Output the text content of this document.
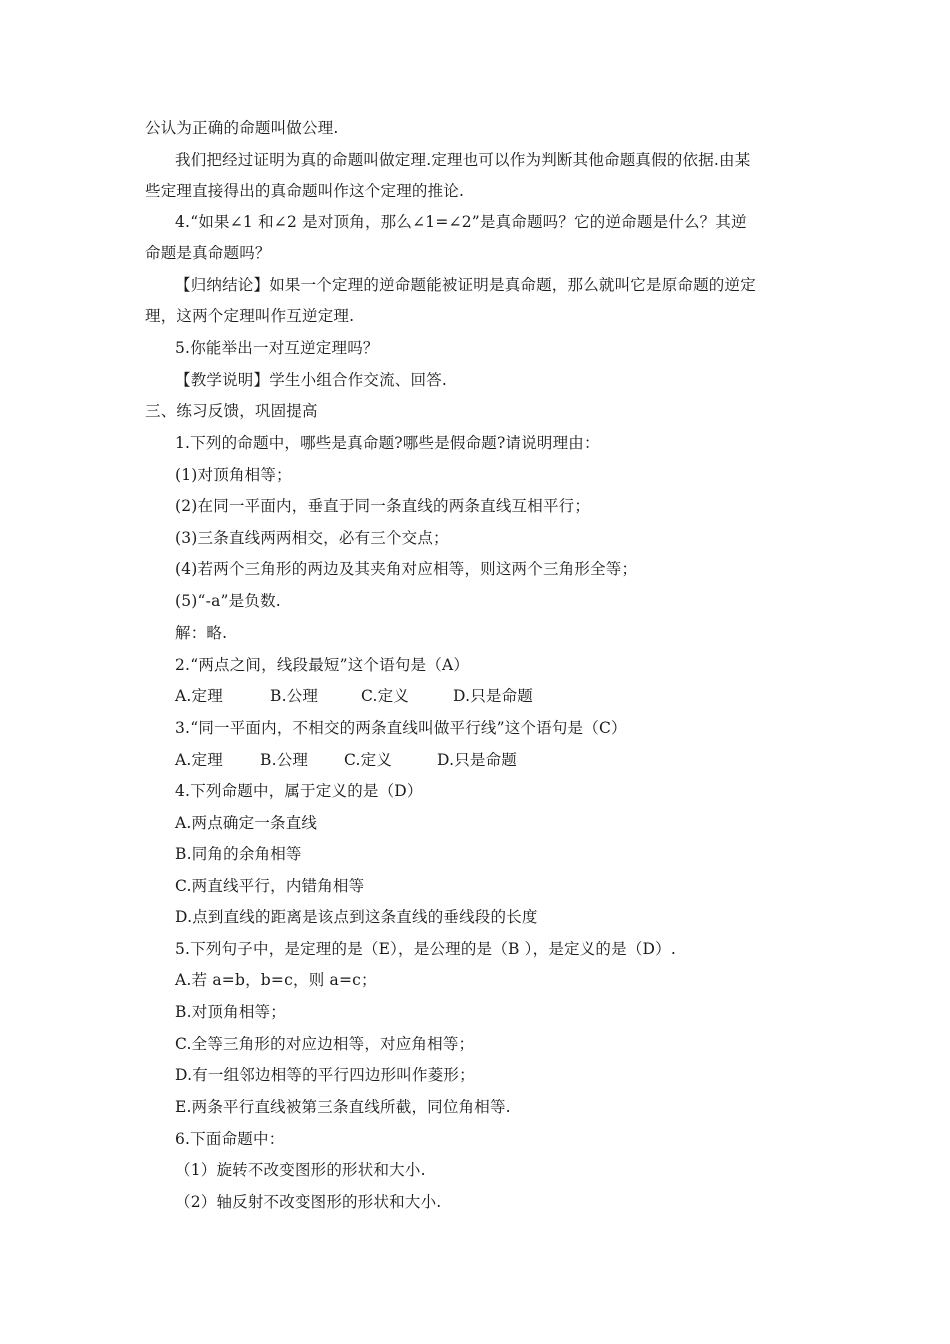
公认为正确的命题叫做公理.
我们把经过证明为真的命题叫做定理.定理也可以作为判断其他命题真假的依据.由某
些定理直接得出的真命题叫作这个定理的推论.
4.“如果∠1 和∠2 是对顶角，那么∠1=∠2”是真命题吗？它的逆命题是什么？其逆
命题是真命题吗？
【归纳结论】如果一个定理的逆命题能被证明是真命题，那么就叫它是原命题的逆定
理，这两个定理叫作互逆定理.
5.你能举出一对互逆定理吗？
【教学说明】学生小组合作交流、回答.
三、练习反馈，巩固提高
1.下列的命题中，哪些是真命题?哪些是假命题?请说明理由：
(1)对顶角相等；
(2)在同一平面内，垂直于同一条直线的两条直线互相平行；
(3)三条直线两两相交，必有三个交点；
(4)若两个三角形的两边及其夹角对应相等，则这两个三角形全等；
(5)“-a”是负数.
解：略.
2.“两点之间，线段最短”这个语句是（A）
A.定理	B.公理	C.定义	D.只是命题
3.“同一平面内，不相交的两条直线叫做平行线”这个语句是（C）
A.定理 B.公理 C.定义	D.只是命题
4.下列命题中，属于定义的是（D）
A.两点确定一条直线
B.同角的余角相等
C.两直线平行，内错角相等
D.点到直线的距离是该点到这条直线的垂线段的长度
5.下列句子中，是定理的是（E），是公理的是（B ），是定义的是（D）.
A.若 a=b，b=c，则 a=c；
B.对顶角相等；
C.全等三角形的对应边相等，对应角相等；
D.有一组邻边相等的平行四边形叫作菱形；
E.两条平行直线被第三条直线所截，同位角相等.
6.下面命题中：
（1）旋转不改变图形的形状和大小.
（2）轴反射不改变图形的形状和大小.
